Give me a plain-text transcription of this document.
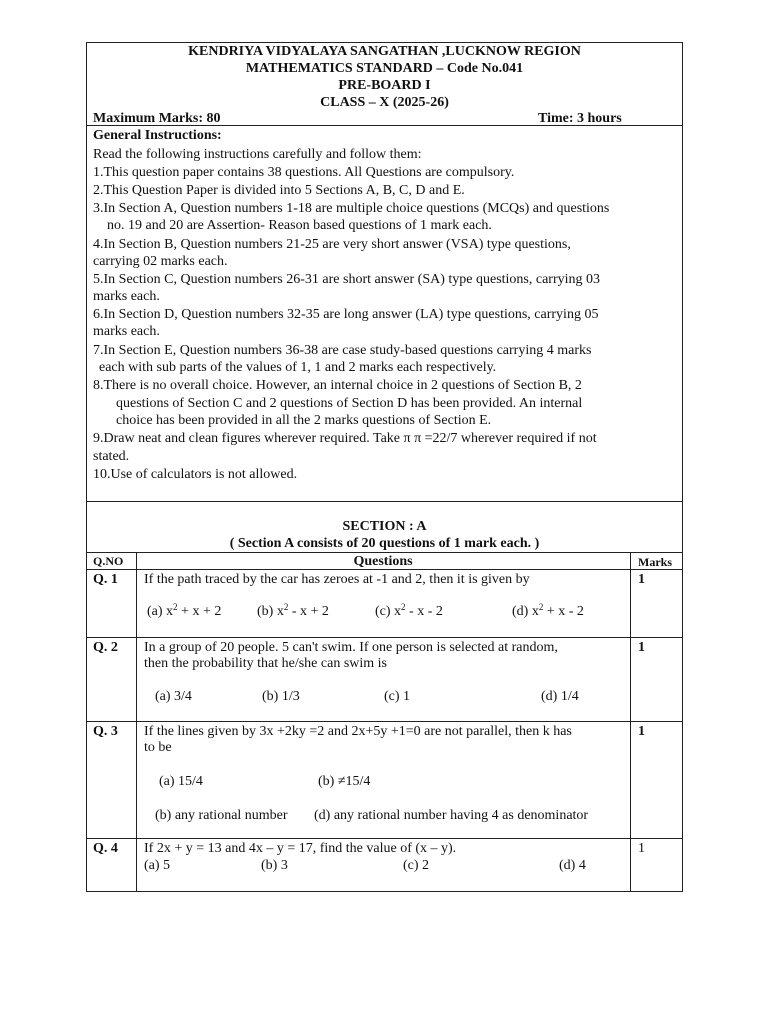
KENDRIYA VIDYALAYA SANGATHAN ,LUCKNOW REGION
MATHEMATICS STANDARD – Code No.041
PRE-BOARD I
CLASS – X (2025-26)
Maximum Marks: 80	Time: 3 hours
General Instructions:
Read the following instructions carefully and follow them:
1.This question paper contains 38 questions. All Questions are compulsory.
2.This Question Paper is divided into 5 Sections A, B, C, D and E.
3.In Section A, Question numbers 1-18 are multiple choice questions (MCQs) and questions
no. 19 and 20 are Assertion- Reason based questions of 1 mark each.
4.In Section B, Question numbers 21-25 are very short answer (VSA) type questions,
carrying 02 marks each.
5.In Section C, Question numbers 26-31 are short answer (SA) type questions, carrying 03
marks each.
6.In Section D, Question numbers 32-35 are long answer (LA) type questions, carrying 05
marks each.
7.In Section E, Question numbers 36-38 are case study-based questions carrying 4 marks
each with sub parts of the values of 1, 1 and 2 marks each respectively.
8.There is no overall choice. However, an internal choice in 2 questions of Section B, 2
questions of Section C and 2 questions of Section D has been provided. An internal
choice has been provided in all the 2 marks questions of Section E.
9.Draw neat and clean figures wherever required. Take π π =22/7 wherever required if not
stated.
10.Use of calculators is not allowed.
SECTION : A
( Section A consists of 20 questions of 1 mark each. )
Q.NO	Questions	Marks
Q. 1 If the path traced by the car has zeroes at -1 and 2, then it is given by
(a) $x^2 + x + 2$	(b) $x^2 - x + 2$	(c) $x^2$ - x - 2	(d) $x^2 + x - 2$
1
Q. 2 In a group of 20 people. 5 can't swim. If one person is selected at random,
then the probability that he/she can swim is
(a) 3/4	(b) 1/3	(c) 1	(d) 1/4
1
Q. 3 If the lines given by 3x +2ky =2 and 2x+5y +1=0 are not parallel, then k has
to be
(a) 15/4	(b) ≠15/4
(b) any rational number (d) any rational number having 4 as denominator
1
Q. 4 If 2x + y = 13 and 4x – y = 17, find the value of (x – y).
(a) 5	(b) 3	(c) 2	(d) 4
1
